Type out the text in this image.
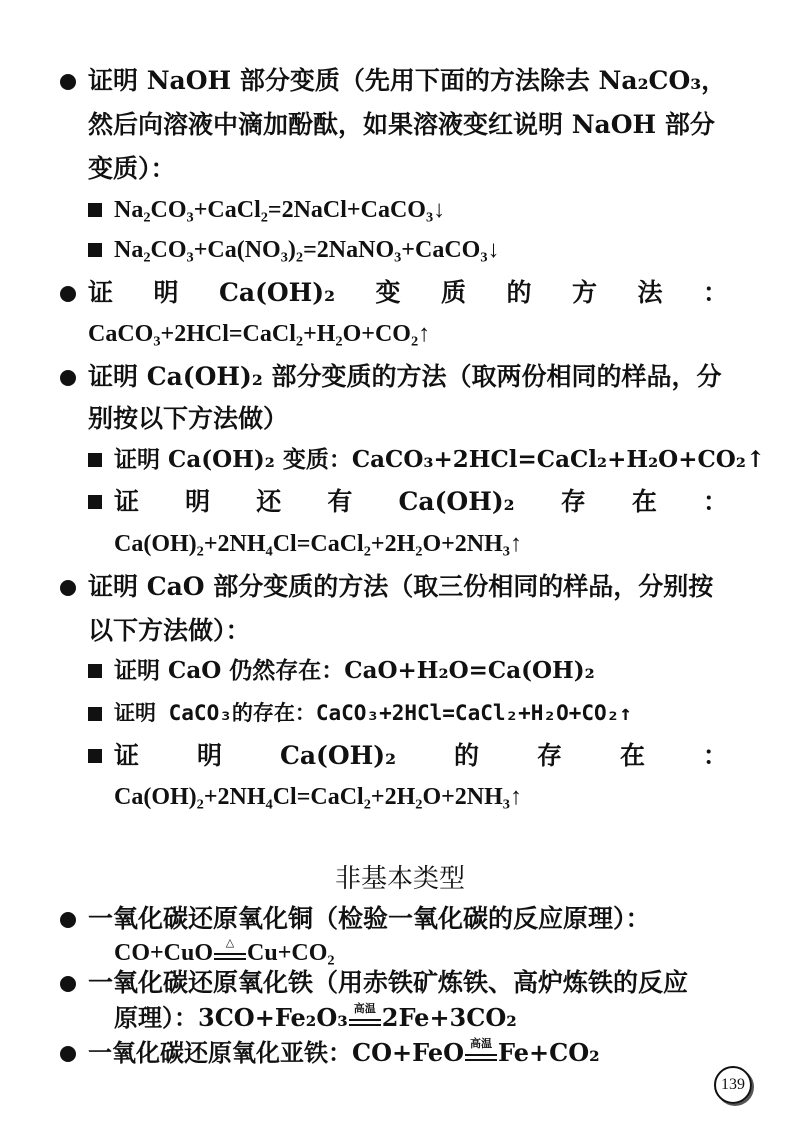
证明 NaOH 部分变质（先用下面的方法除去 Na₂CO₃，
然后向溶液中滴加酚酞，如果溶液变红说明 NaOH 部分
变质）：
Na₂CO₃+CaCl₂=2NaCl+CaCO₃↓
Na₂CO₃+Ca(NO₃)₂=2NaNO₃+CaCO₃↓
证 明 Ca(OH)₂ 变 质 的 方 法 ：
CaCO₃+2HCl=CaCl₂+H₂O+CO₂↑
证明 Ca(OH)₂ 部分变质的方法（取两份相同的样品，分
别按以下方法做）
证明 Ca(OH)₂ 变质：CaCO₃+2HCl=CaCl₂+H₂O+CO₂↑
证 明 还 有 Ca(OH)₂ 存 在 ：
Ca(OH)₂+2NH₄Cl=CaCl₂+2H₂O+2NH₃↑
证明 CaO 部分变质的方法（取三份相同的样品，分别按
以下方法做）：
证明 CaO 仍然存在：CaO+H₂O=Ca(OH)₂
证明 CaCO₃的存在：CaCO₃+2HCl=CaCl₂+H₂O+CO₂↑
证 明 Ca(OH)₂ 的 存 在 ：
Ca(OH)₂+2NH₄Cl=CaCl₂+2H₂O+2NH₃↑
非基本类型
一氧化碳还原氧化铜（检验一氧化碳的反应原理）：
CO+CuO	△ Cu+CO₂
一氧化碳还原氧化铁（用赤铁矿炼铁、高炉炼铁的反应
原理）：3CO+Fe₂O₃ 高温 2Fe+3CO₂
一氧化碳还原氧化亚铁：CO+FeO 高温 Fe+CO₂
139
